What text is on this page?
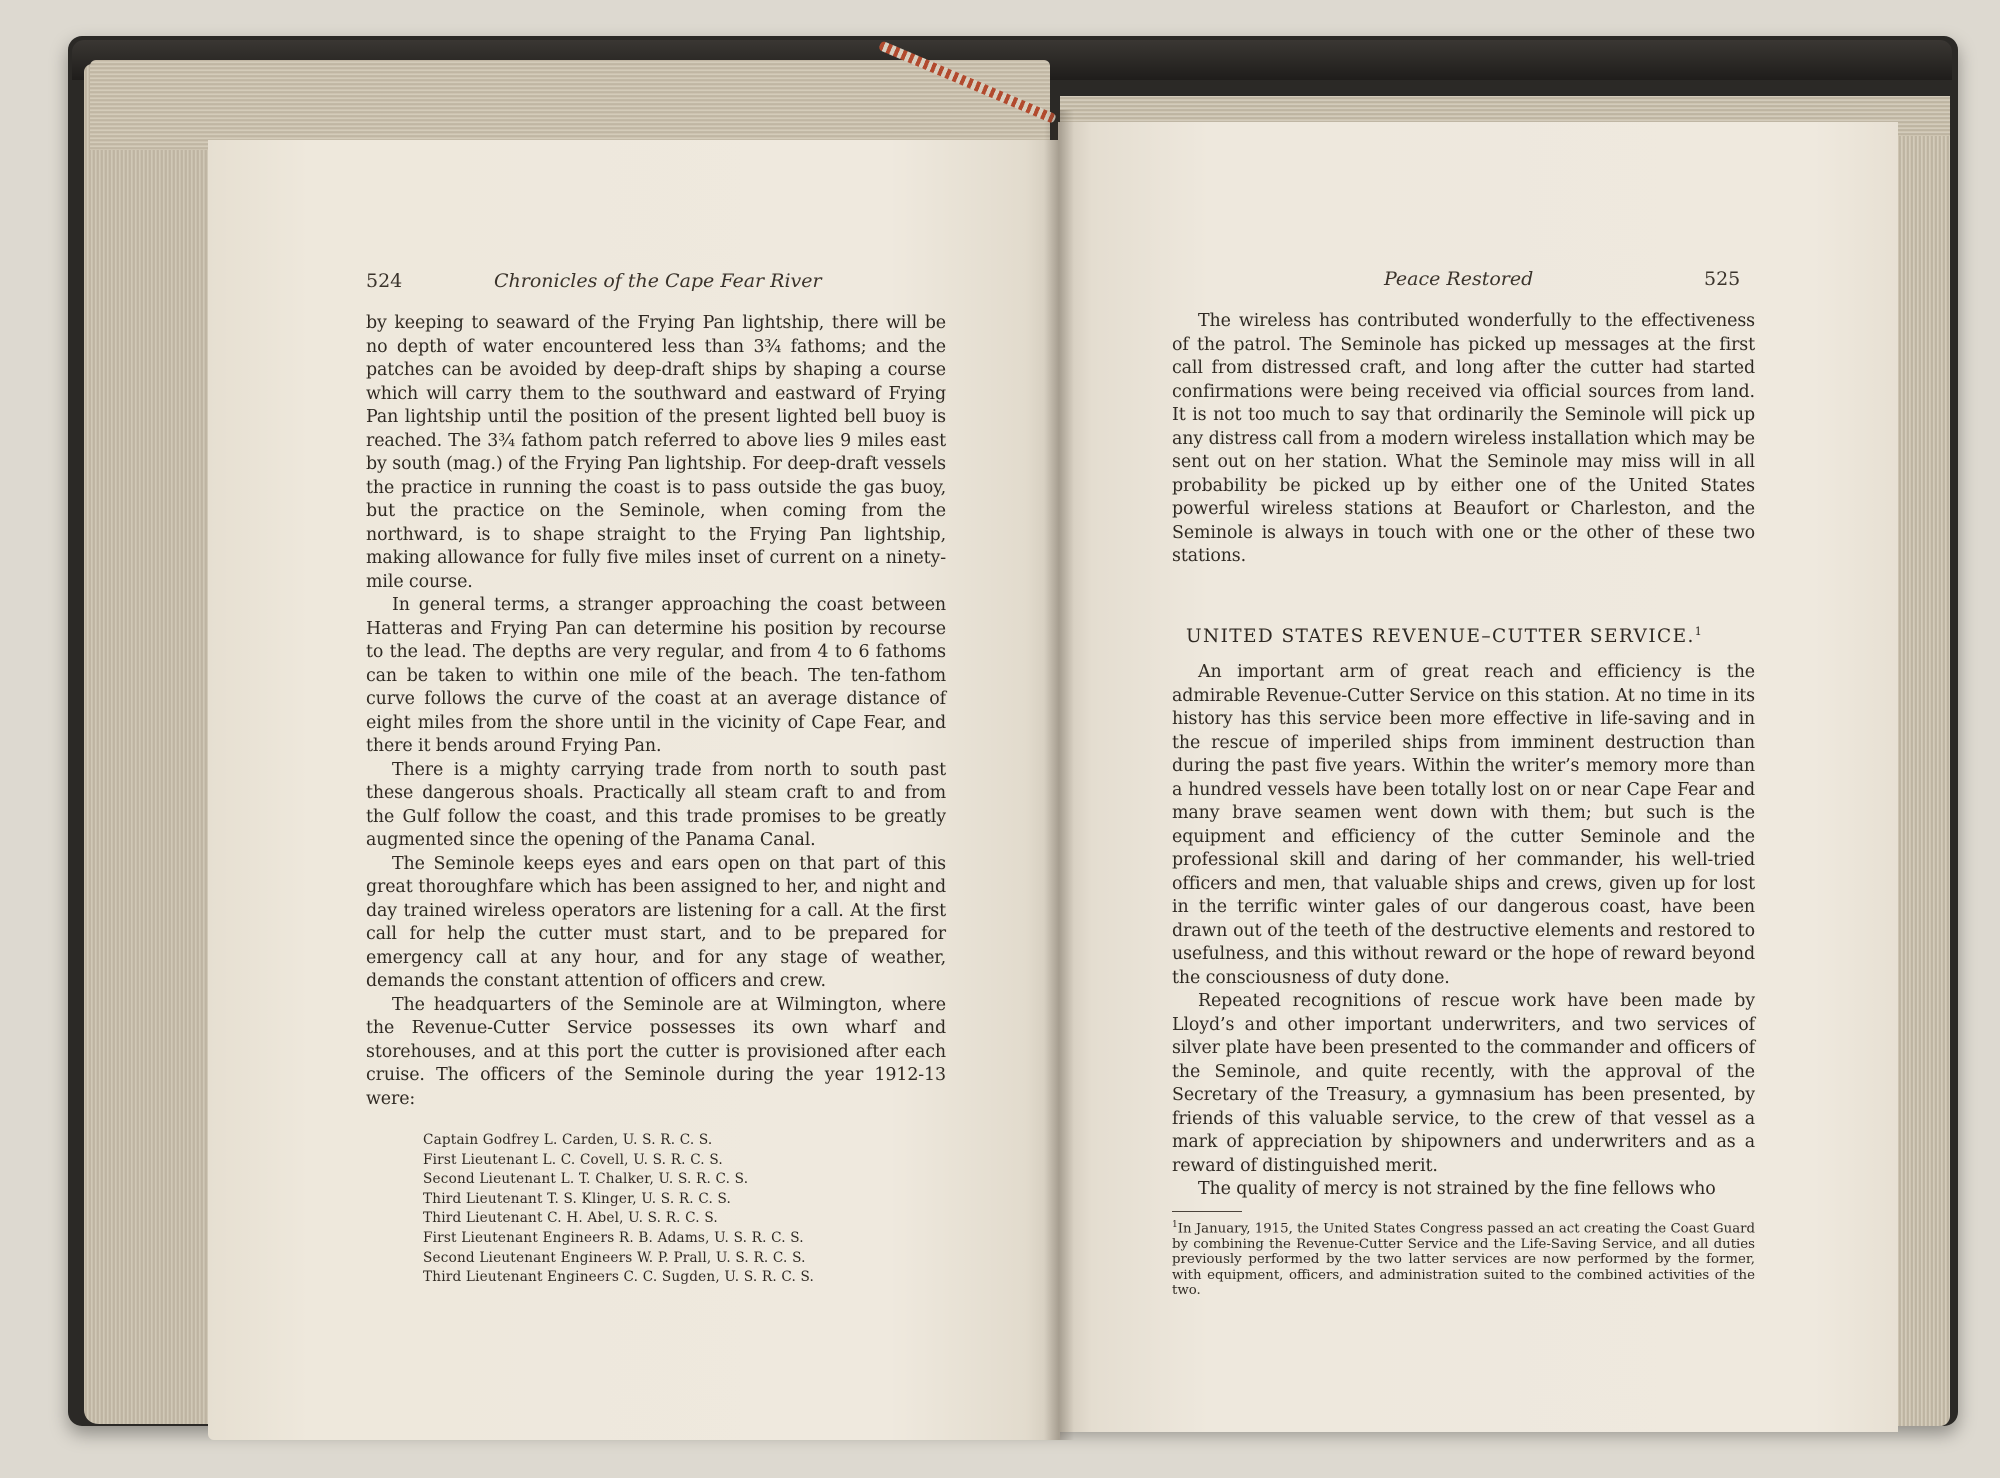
524	Chronicles of the Cape Fear River

by keeping to seaward of the Frying Pan lightship, there will be no depth of water encountered less than 3¾ fathoms; and the patches can be avoided by deep-draft ships by shaping a course which will carry them to the southward and eastward of Frying Pan lightship until the position of the present lighted bell buoy is reached. The 3¾ fathom patch referred to above lies 9 miles east by south (mag.) of the Frying Pan lightship. For deep-draft vessels the practice in running the coast is to pass outside the gas buoy, but the practice on the Seminole, when coming from the northward, is to shape straight to the Frying Pan lightship, making allowance for fully five miles inset of current on a ninety-mile course.

In general terms, a stranger approaching the coast between Hatteras and Frying Pan can determine his position by recourse to the lead. The depths are very regular, and from 4 to 6 fathoms can be taken to within one mile of the beach. The ten-fathom curve follows the curve of the coast at an average distance of eight miles from the shore until in the vicinity of Cape Fear, and there it bends around Frying Pan.

There is a mighty carrying trade from north to south past these dangerous shoals. Practically all steam craft to and from the Gulf follow the coast, and this trade promises to be greatly augmented since the opening of the Panama Canal.

The Seminole keeps eyes and ears open on that part of this great thoroughfare which has been assigned to her, and night and day trained wireless operators are listening for a call. At the first call for help the cutter must start, and to be prepared for emergency call at any hour, and for any stage of weather, demands the constant attention of officers and crew.

The headquarters of the Seminole are at Wilmington, where the Revenue-Cutter Service possesses its own wharf and storehouses, and at this port the cutter is provisioned after each cruise. The officers of the Seminole during the year 1912-13 were:

Captain Godfrey L. Carden, U. S. R. C. S.
First Lieutenant L. C. Covell, U. S. R. C. S.
Second Lieutenant L. T. Chalker, U. S. R. C. S.
Third Lieutenant T. S. Klinger, U. S. R. C. S.
Third Lieutenant C. H. Abel, U. S. R. C. S.
First Lieutenant Engineers R. B. Adams, U. S. R. C. S.
Second Lieutenant Engineers W. P. Prall, U. S. R. C. S.
Third Lieutenant Engineers C. C. Sugden, U. S. R. C. S.
Peace Restored	525

The wireless has contributed wonderfully to the effectiveness of the patrol. The Seminole has picked up messages at the first call from distressed craft, and long after the cutter had started confirmations were being received via official sources from land. It is not too much to say that ordinarily the Seminole will pick up any distress call from a modern wireless installation which may be sent out on her station. What the Seminole may miss will in all probability be picked up by either one of the United States powerful wireless stations at Beaufort or Charleston, and the Seminole is always in touch with one or the other of these two stations.

UNITED STATES REVENUE–CUTTER SERVICE.$^1$

An important arm of great reach and efficiency is the admirable Revenue-Cutter Service on this station. At no time in its history has this service been more effective in life-saving and in the rescue of imperiled ships from imminent destruction than during the past five years. Within the writer’s memory more than a hundred vessels have been totally lost on or near Cape Fear and many brave seamen went down with them; but such is the equipment and efficiency of the cutter Seminole and the professional skill and daring of her commander, his well-tried officers and men, that valuable ships and crews, given up for lost in the terrific winter gales of our dangerous coast, have been drawn out of the teeth of the destructive elements and restored to usefulness, and this without reward or the hope of reward beyond the consciousness of duty done.

Repeated recognitions of rescue work have been made by Lloyd’s and other important underwriters, and two services of silver plate have been presented to the commander and officers of the Seminole, and quite recently, with the approval of the Secretary of the Treasury, a gymnasium has been presented, by friends of this valuable service, to the crew of that vessel as a mark of appreciation by shipowners and underwriters and as a reward of distinguished merit.

The quality of mercy is not strained by the fine fellows who

$^1$In January, 1915, the United States Congress passed an act creating the Coast Guard by combining the Revenue-Cutter Service and the Life-Saving Service, and all duties previously performed by the two latter services are now performed by the former, with equipment, officers, and administration suited to the combined activities of the two.
